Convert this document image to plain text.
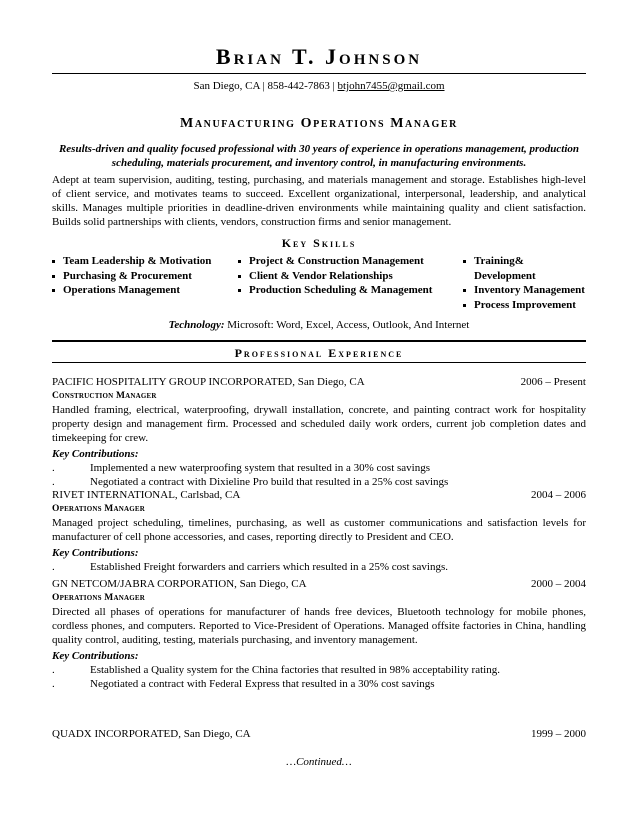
Brian T. Johnson
San Diego, CA | 858-442-7863 | btjohn7455@gmail.com
Manufacturing Operations Manager
Results-driven and quality focused professional with 30 years of experience in operations management, production scheduling, materials procurement, and inventory control, in manufacturing environments.
Adept at team supervision, auditing, testing, purchasing, and materials management and storage. Establishes high-level of client service, and motivates teams to succeed. Excellent organizational, interpersonal, leadership, and analytical skills. Manages multiple priorities in deadline-driven environments while maintaining quality and client satisfaction. Builds solid partnerships with clients, vendors, construction firms and senior management.
Key Skills
Team Leadership & Motivation
Purchasing & Procurement
Operations Management
Project & Construction Management
Client & Vendor Relationships
Production Scheduling & Management
Training& Development
Inventory Management
Process Improvement
Technology: Microsoft: Word, Excel, Access, Outlook, And Internet
Professional Experience
PACIFIC HOSPITALITY GROUP INCORPORATED, San Diego, CA	2006 – Present
Construction Manager
Handled framing, electrical, waterproofing, drywall installation, concrete, and painting contract work for hospitality property design and management firm. Processed and scheduled daily work orders, current job completion dates and timekeeping for crew.
Key Contributions:
.	Implemented a new waterproofing system that resulted in a 30% cost savings
.	Negotiated a contract with Dixieline Pro build that resulted in a 25% cost savings
RIVET INTERNATIONAL, Carlsbad, CA	2004 – 2006
Operations Manager
Managed project scheduling, timelines, purchasing, as well as customer communications and satisfaction levels for manufacturer of cell phone accessories, and cases, reporting directly to President and CEO.
Key Contributions:
.	Established Freight forwarders and carriers which resulted in a 25% cost savings.
GN NETCOM/JABRA CORPORATION, San Diego, CA	2000 – 2004
Operations Manager
Directed all phases of operations for manufacturer of hands free devices, Bluetooth technology for mobile phones, cordless phones, and computers. Reported to Vice-President of Operations. Managed offsite factories in China, handling quality control, auditing, testing, materials purchasing, and inventory management.
Key Contributions:
.	Established a Quality system for the China factories that resulted in 98% acceptability rating.
.	Negotiated a contract with Federal Express that resulted in a 30% cost savings
QUADX INCORPORATED, San Diego, CA	1999 – 2000
…Continued…
